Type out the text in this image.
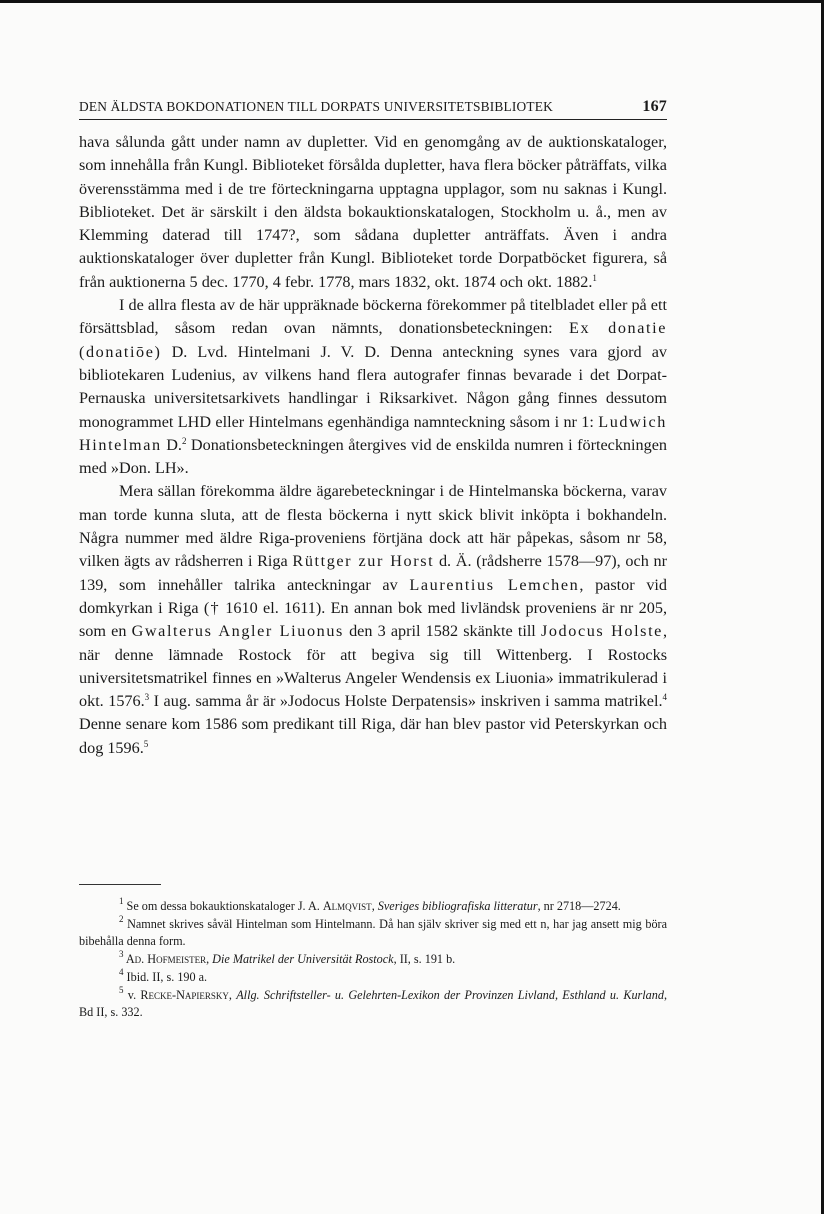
DEN ÄLDSTA BOKDONATIONEN TILL DORPATS UNIVERSITETSBIBLIOTEK	167

hava sålunda gått under namn av dupletter. Vid en genomgång av de auktionskataloger, som innehålla från Kungl. Biblioteket försålda dupletter, hava flera böcker påträffats, vilka överensstämma med i de tre förteckningarna upptagna upplagor, som nu saknas i Kungl. Biblioteket. Det är särskilt i den äldsta bokauktionskatalogen, Stockholm u. å., men av Klemming daterad till 1747?, som sådana dupletter anträffats. Även i andra auktionskataloger över dupletter från Kungl. Biblioteket torde Dorpatböcket figurera, så från auktionerna 5 dec. 1770, 4 febr. 1778, mars 1832, okt. 1874 och okt. 1882.$^1$

I de allra flesta av de här uppräknade böckerna förekommer på titelbladet eller på ett försättsblad, såsom redan ovan nämnts, donationsbeteckningen: Ex donatie (donatiōe) D. Lvd. Hintelmani J. V. D. Denna anteckning synes vara gjord av bibliotekaren Ludenius, av vilkens hand flera autografer finnas bevarade i det Dorpat-Pernauska universitetsarkivets handlingar i Riksarkivet. Någon gång finnes dessutom monogrammet LHD eller Hintelmans egenhändiga namnteckning såsom i nr 1: Ludwich Hintelman D.$^2$ Donationsbeteckningen återgives vid de enskilda numren i förteckningen med »Don. LH».

Mera sällan förekomma äldre ägarebeteckningar i de Hintelmanska böckerna, varav man torde kunna sluta, att de flesta böckerna i nytt skick blivit inköpta i bokhandeln. Några nummer med äldre Riga-proveniens förtjäna dock att här påpekas, såsom nr 58, vilken ägts av rådsherren i Riga Rüttger zur Horst d. Ä. (rådsherre 1578—97), och nr 139, som innehåller talrika anteckningar av Laurentius Lemchen, pastor vid domkyrkan i Riga († 1610 el. 1611). En annan bok med livländsk proveniens är nr 205, som en Gwalterus Angler Liuonus den 3 april 1582 skänkte till Jodocus Holste, när denne lämnade Rostock för att begiva sig till Wittenberg. I Rostocks universitetsmatrikel finnes en »Walterus Angeler Wendensis ex Liuonia» immatrikulerad i okt. 1576.$^3$ I aug. samma år är »Jodocus Holste Derpatensis» inskriven i samma matrikel.$^4$ Denne senare kom 1586 som predikant till Riga, där han blev pastor vid Peterskyrkan och dog 1596.$^5$

$^1$ Se om dessa bokauktionskataloger J. A. Almqvist, Sveriges bibliografiska litteratur, nr 2718—2724.

$^2$ Namnet skrives såväl Hintelman som Hintelmann. Då han själv skriver sig med ett n, har jag ansett mig böra bibehålla denna form.

$^3$ Ad. Hofmeister, Die Matrikel der Universität Rostock, II, s. 191 b.

$^4$ Ibid. II, s. 190 a.

$^5$ v. Recke-Napiersky, Allg. Schriftsteller- u. Gelehrten-Lexikon der Provinzen Livland, Esthland u. Kurland, Bd II, s. 332.
